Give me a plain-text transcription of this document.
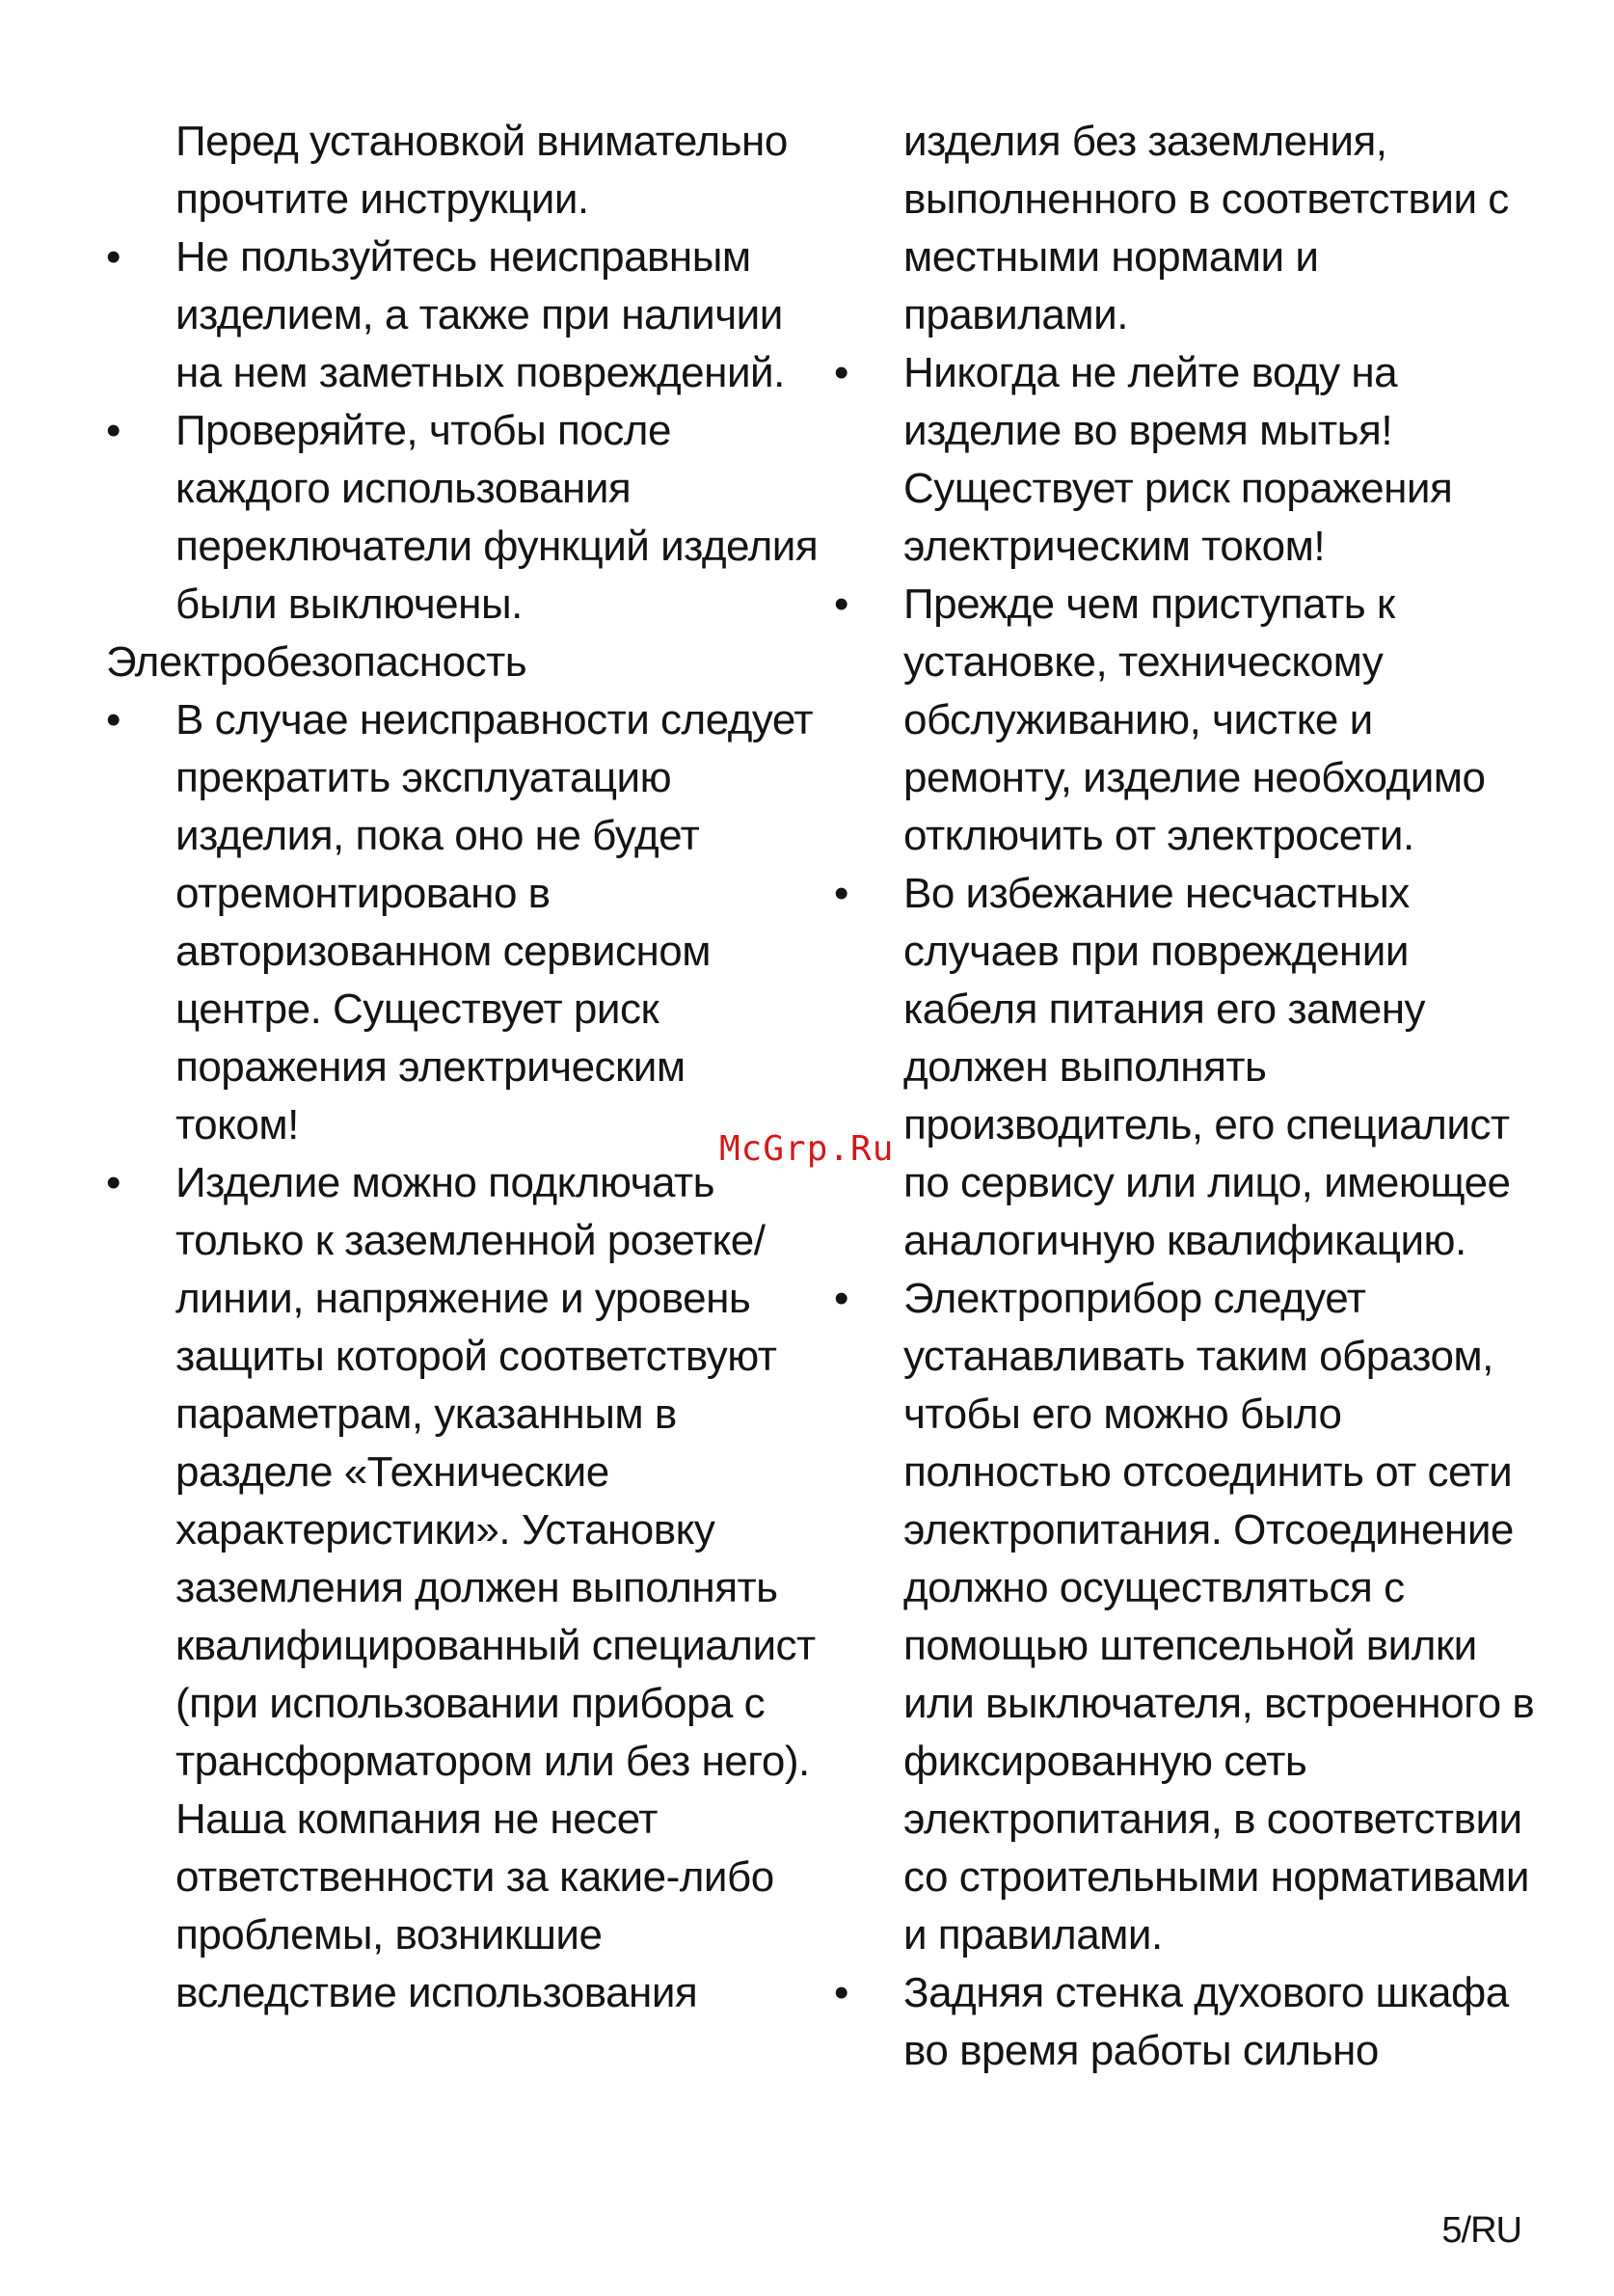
Перед установкой внимательно прочтите инструкции.

• Не пользуйтесь неисправным изделием, а также при наличии на нем заметных повреждений.

• Проверяйте, чтобы после каждого использования переключатели функций изделия были выключены.

Электробезопасность

• В случае неисправности следует прекратить эксплуатацию изделия, пока оно не будет отремонтировано в авторизованном сервисном центре. Существует риск поражения электрическим током!

• Изделие можно подключать только к заземленной розетке/линии, напряжение и уровень защиты которой соответствуют параметрам, указанным в разделе «Технические характеристики». Установку заземления должен выполнять квалифицированный специалист (при использовании прибора с трансформатором или без него). Наша компания не несет ответственности за какие-либо проблемы, возникшие вследствие использования

изделия без заземления, выполненного в соответствии с местными нормами и правилами.

• Никогда не лейте воду на изделие во время мытья! Существует риск поражения электрическим током!

• Прежде чем приступать к установке, техническому обслуживанию, чистке и ремонту, изделие необходимо отключить от электросети.

• Во избежание несчастных случаев при повреждении кабеля питания его замену должен выполнять производитель, его специалист по сервису или лицо, имеющее аналогичную квалификацию.

• Электроприбор следует устанавливать таким образом, чтобы его можно было полностью отсоединить от сети электропитания. Отсоединение должно осуществляться с помощью штепсельной вилки или выключателя, встроенного в фиксированную сеть электропитания, в соответствии со строительными нормативами и правилами.

• Задняя стенка духового шкафа во время работы сильно

McGrp.Ru
5/RU
